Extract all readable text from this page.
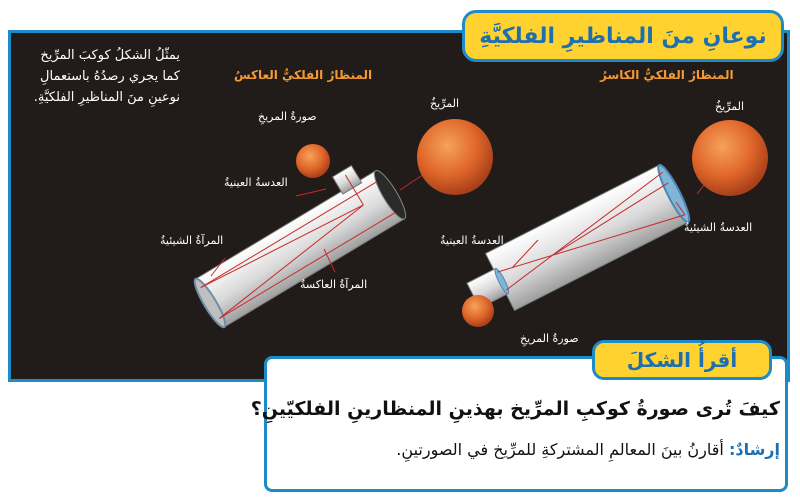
نوعانِ منَ المناظيرِ الفلكيَّةِ
يمثّلُ الشكلُ كوكبَ المرِّيخ كما يجري رصدُهُ باستعمالِ نوعينِ منَ المناظيرِ الفلكيَّةِ.
المنظارُ الفلكيُّ العاكسُ
المرِّيخُ
صورةُ المريخِ
العدسةُ العينيةُ
المرآةُ الشيئيةُ
المرآةُ العاكسةُ
المنظارُ الفلكيُّ الكاسرُ
المرِّيخُ
العدسةُ الشيئيةُ
العدسةُ العينيةُ
صورةُ المريخِ
أقرأُ الشكلَ
كيفَ تُرى صورةُ كوكبِ المرِّيخ بهذينِ المنظارينِ الفلكيّينِ؟
إرشادٌ: أقارنُ بينَ المعالمِ المشتركةِ للمرِّيخ في الصورتينِ.
